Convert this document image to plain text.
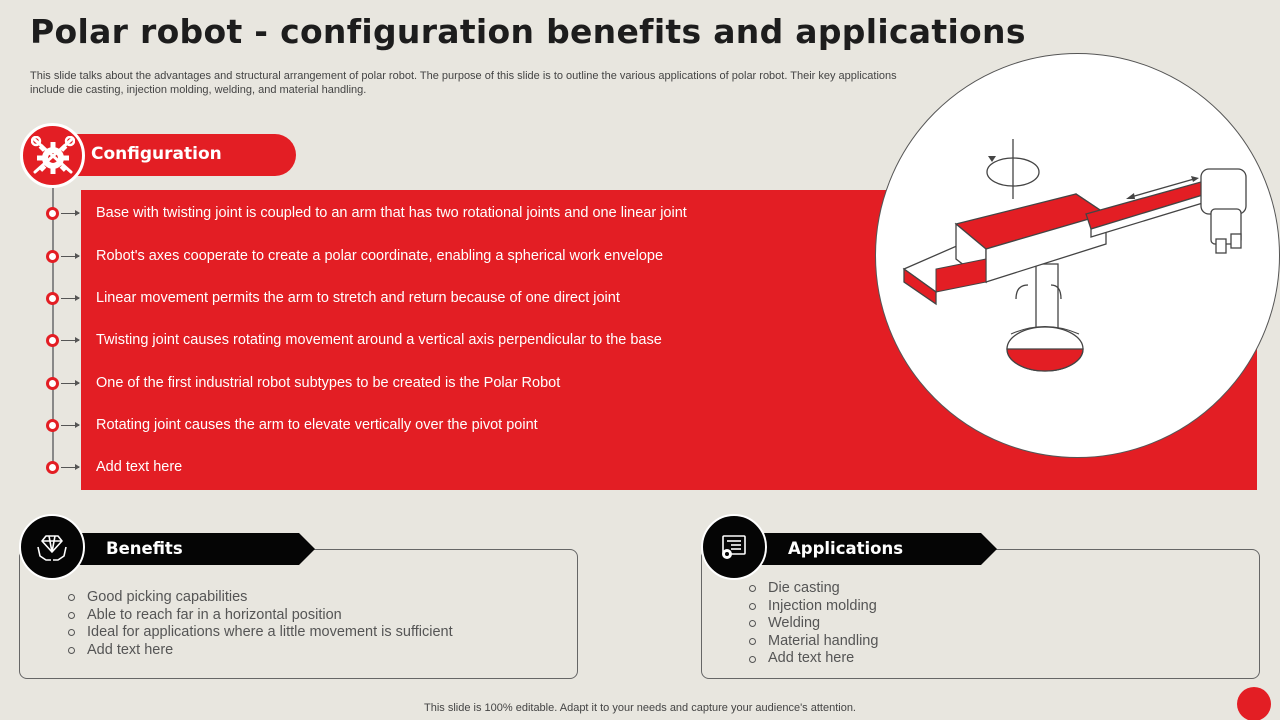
Polar robot - configuration benefits and applications

This slide talks about the advantages and structural arrangement of polar robot. The purpose of this slide is to outline the various applications of polar robot. Their key applications include die casting, injection molding, welding, and material handling.

Configuration
Base with twisting joint is coupled to an arm that has two rotational joints and one linear joint
Robot's axes cooperate to create a polar coordinate, enabling a spherical work envelope
Linear movement permits the arm to stretch and return because of one direct joint
Twisting joint causes rotating movement around a vertical axis perpendicular to the base
One of the first industrial robot subtypes to be created is the Polar Robot
Rotating joint causes the arm to elevate vertically over the pivot point
Add text here
Benefits
Good picking capabilities
Able to reach far in a horizontal position
Ideal for applications where a little movement is sufficient
Add text here
Applications
Die casting
Injection molding
Welding
Material handling
Add text here
This slide is 100% editable. Adapt it to your needs and capture your audience's attention.
